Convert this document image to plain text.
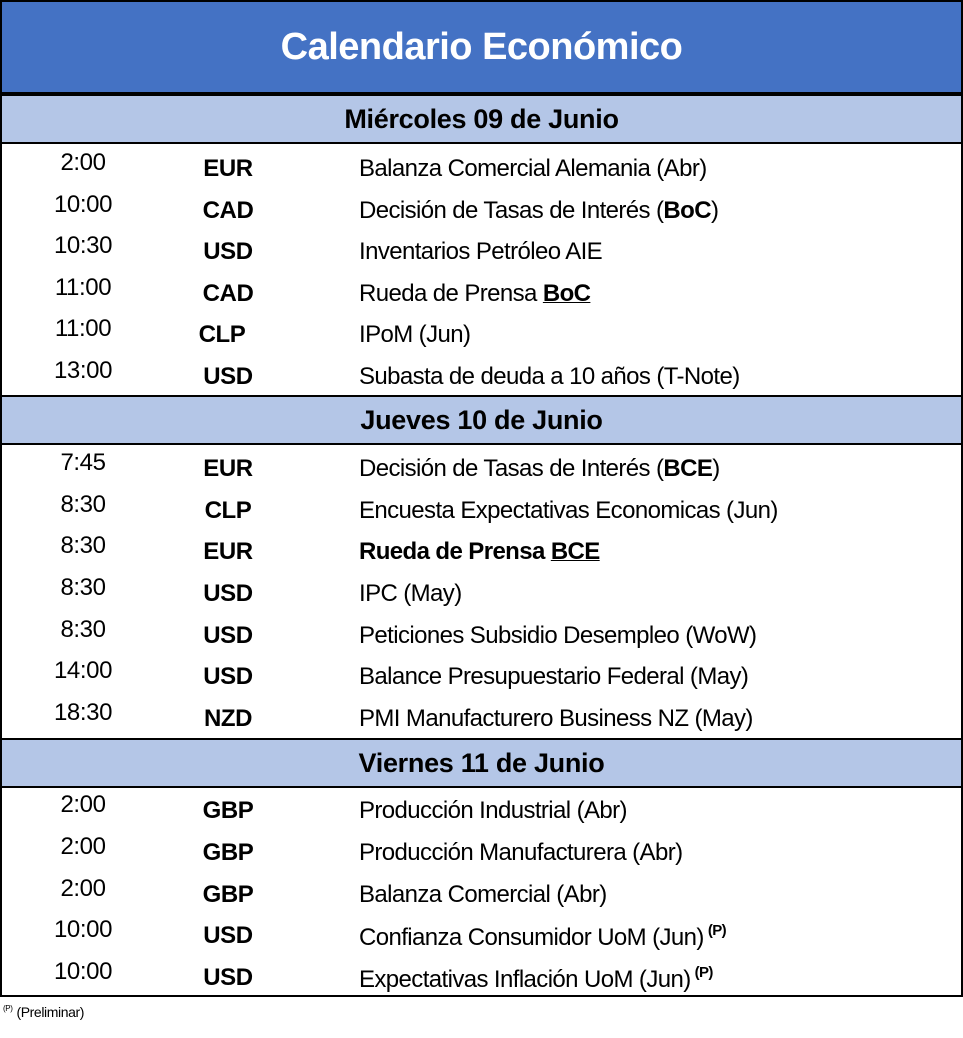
Calendario Económico
Miércoles 09 de Junio
2:00	EUR	Balanza Comercial Alemania (Abr)
10:00	CAD	Decisión de Tasas de Interés (BoC)
10:30	USD	Inventarios Petróleo AIE
11:00	CAD	Rueda de Prensa BoC
11:00	CLP	IPoM (Jun)
13:00	USD	Subasta de deuda a 10 años (T-Note)
Jueves 10 de Junio
7:45	EUR	Decisión de Tasas de Interés (BCE)
8:30	CLP	Encuesta Expectativas Economicas (Jun)
8:30	EUR	Rueda de Prensa BCE
8:30	USD	IPC (May)
8:30	USD	Peticiones Subsidio Desempleo (WoW)
14:00	USD	Balance Presupuestario Federal (May)
18:30	NZD	PMI Manufacturero Business NZ (May)
Viernes 11 de Junio
2:00	GBP	Producción Industrial (Abr)
2:00	GBP	Producción Manufacturera (Abr)
2:00	GBP	Balanza Comercial (Abr)
10:00	USD	Confianza Consumidor UoM (Jun) $^{(P)}$
10:00	USD	Expectativas Inflación UoM (Jun) $^{(P)}$
$^{(P)}$ (Preliminar)
